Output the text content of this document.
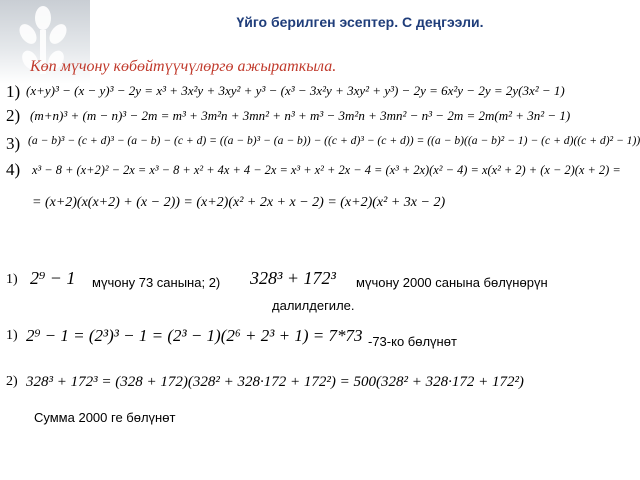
Үйго берилген эсептер. С деңгээли.
Көп мүчону көбөйтүүчүлөргө ажыраткыла.
1) (x+y)³ − (x − y)³ − 2y = x³ + 3x²y + 3xy² + y³ − (x³ − 3x²y + 3xy² + y³) − 2y = 6x²y − 2y = 2y(3x² − 1)
2) (m+n)³ + (m − n)³ − 2m = m³ + 3m²n + 3mn² + n³ + m³ − 3m²n + 3mn² − n³ − 2m = 2m(m² + 3n² − 1)
3) (a − b)³ − (c + d)³ − (a − b) − (c + d) = ((a − b)³ − (a − b)) − ((c + d)³ − (c + d)) = ((a − b)((a − b)² − 1) − (c + d)((c + d)² − 1))
4) x³ − 8 + (x+2)² − 2x = x³ − 8 + x² + 4x + 4 − 2x = x³ + x² + 2x − 4 = (x³ + 2x)(x² − 4) = x(x² + 2) + (x − 2)(x + 2) =
= (x+2)(x(x+2) + (x − 2)) = (x+2)(x² + 2x + x − 2) = (x+2)(x² + 3x − 2)
1) 2⁹ − 1 мүчону 73 санына; 2) 328³ + 172³ мүчону 2000 санына бөлүнөрүн
далилдегиле.
1) 2⁹ − 1 = (2³)³ − 1 = (2³ − 1)(2⁶ + 2³ + 1) = 7*73 -73-ко бөлүнөт
2) 328³ + 172³ = (328 + 172)(328² + 328·172 + 172²) = 500(328² + 328·172 + 172²)
Сумма 2000 ге бөлүнөт
